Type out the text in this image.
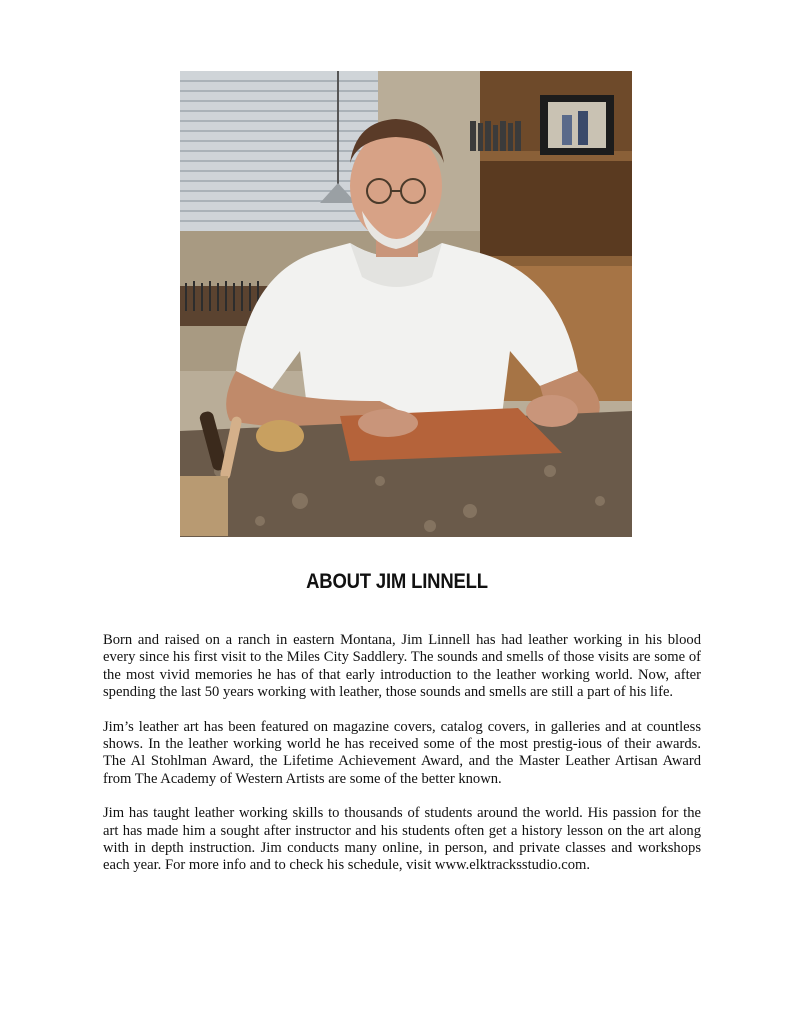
ABOUT JIM LINNELL

Born and raised on a ranch in eastern Montana, Jim Linnell has had leather working in his blood every since his first visit to the Miles City Saddlery. The sounds and smells of those visits are some of the most vivid memories he has of that early introduction to the leather working world. Now, after spending the last 50 years working with leather, those sounds and smells are still a part of his life.

Jim’s leather art has been featured on magazine covers, catalog covers, in galleries and at countless shows. In the leather working world he has received some of the most prestig-ious of their awards. The Al Stohlman Award, the Lifetime Achievement Award, and the Master Leather Artisan Award from The Academy of Western Artists are some of the better known.

Jim has taught leather working skills to thousands of students around the world. His passion for the art has made him a sought after instructor and his students often get a history lesson on the art along with in depth instruction. Jim conducts many online, in person, and private classes and workshops each year. For more info and to check his schedule, visit www.elktracksstudio.com.
